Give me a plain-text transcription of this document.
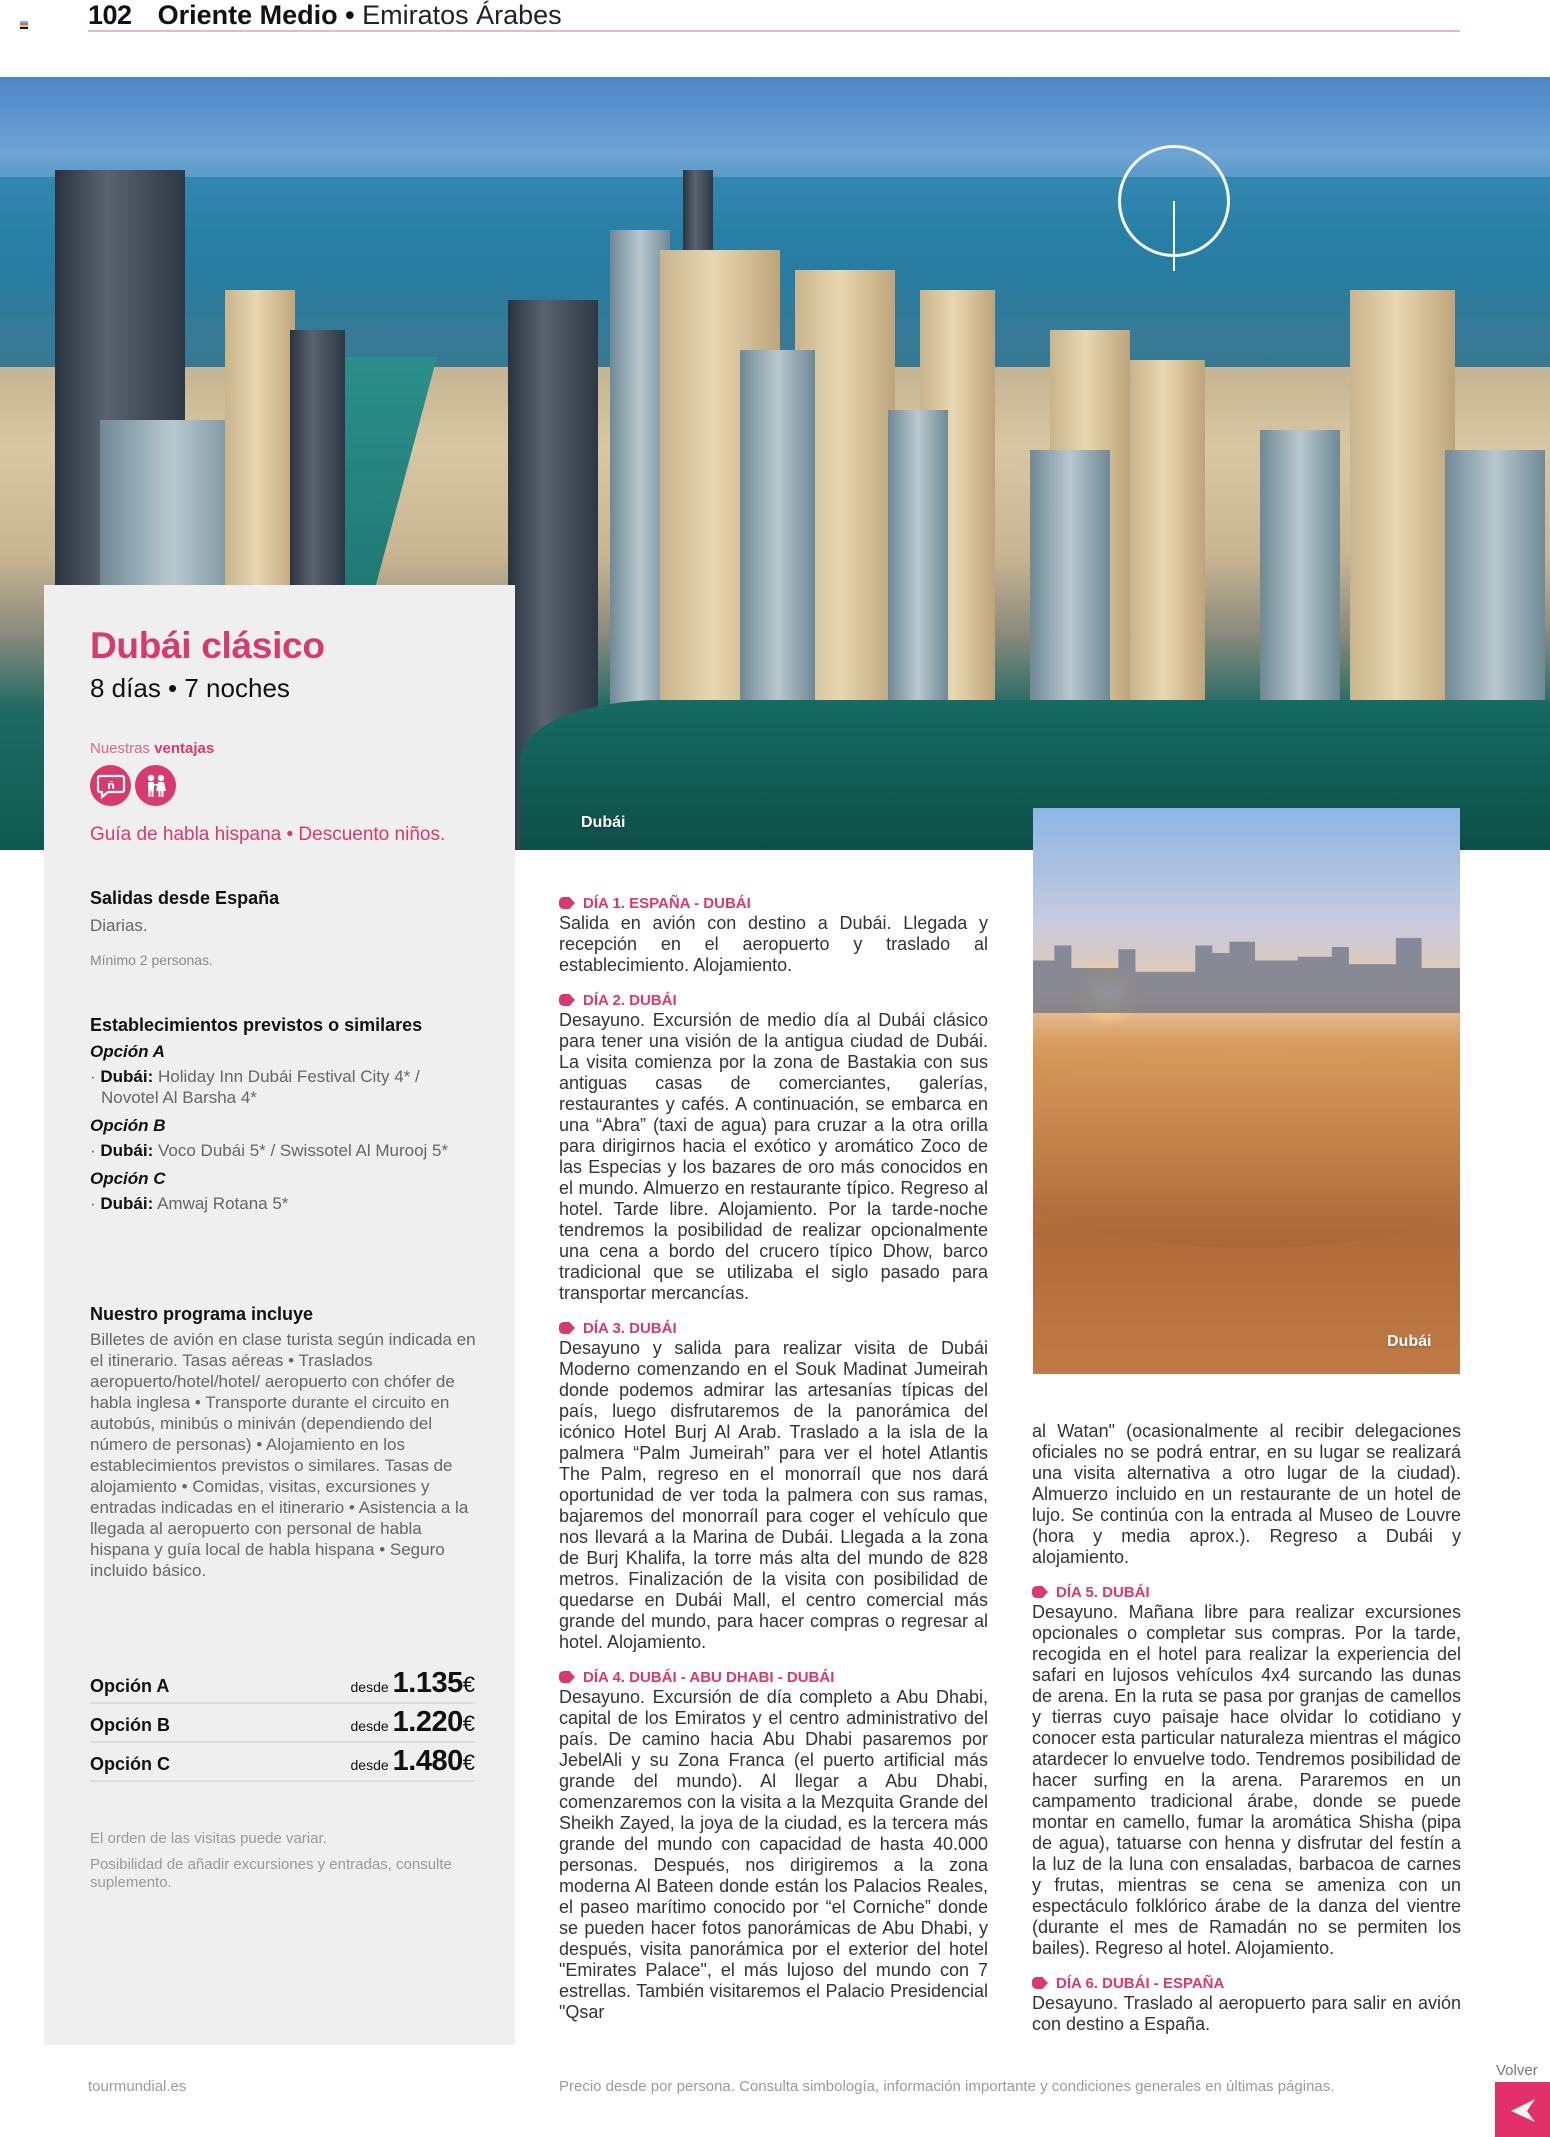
102 Oriente Medio • Emiratos Árabes
Dubái
Dubái clásico
8 días • 7 noches
Nuestras ventajas
ñ
Guía de habla hispana • Descuento niños.
Salidas desde España
Diarias.
Mínimo 2 personas.
Establecimientos previstos o similares
Opción A
· Dubái: Holiday Inn Dubái Festival City 4* / Novotel Al Barsha 4*
Opción B
· Dubái: Voco Dubái 5* / Swissotel Al Murooj 5*
Opción C
· Dubái: Amwaj Rotana 5*
Nuestro programa incluye
Billetes de avión en clase turista según indicada en el itinerario. Tasas aéreas • Traslados aeropuerto/hotel/hotel/ aeropuerto con chófer de habla inglesa • Transporte durante el circuito en autobús, minibús o miniván (dependiendo del número de personas) • Alojamiento en los establecimientos previstos o similares. Tasas de alojamiento • Comidas, visitas, excursiones y entradas indicadas en el itinerario • Asistencia a la llegada al aeropuerto con personal de habla hispana y guía local de habla hispana • Seguro incluido básico.
Opción A	desde 1.135€
Opción B	desde 1.220€
Opción C	desde 1.480€

El orden de las visitas puede variar.

Posibilidad de añadir excursiones y entradas, consulte suplemento.

DÍA 1. ESPAÑA - DUBÁI
Salida en avión con destino a Dubái. Llegada y recepción en el aeropuerto y traslado al establecimiento. Alojamiento.
DÍA 2. DUBÁI
Desayuno. Excursión de medio día al Dubái clásico para tener una visión de la antigua ciudad de Dubái. La visita comienza por la zona de Bastakia con sus antiguas casas de comerciantes, galerías, restaurantes y cafés. A continuación, se embarca en una “Abra” (taxi de agua) para cruzar a la otra orilla para dirigirnos hacia el exótico y aromático Zoco de las Especias y los bazares de oro más conocidos en el mundo. Almuerzo en restaurante típico. Regreso al hotel. Tarde libre. Alojamiento. Por la tarde-noche tendremos la posibilidad de realizar opcionalmente una cena a bordo del crucero típico Dhow, barco tradicional que se utilizaba el siglo pasado para transportar mercancías.
DÍA 3. DUBÁI
Desayuno y salida para realizar visita de Dubái Moderno comenzando en el Souk Madinat Jumeirah donde podemos admirar las artesanías típicas del país, luego disfrutaremos de la panorámica del icónico Hotel Burj Al Arab. Traslado a la isla de la palmera “Palm Jumeirah” para ver el hotel Atlantis The Palm, regreso en el monorraíl que nos dará oportunidad de ver toda la palmera con sus ramas, bajaremos del monorraíl para coger el vehículo que nos llevará a la Marina de Dubái. Llegada a la zona de Burj Khalifa, la torre más alta del mundo de 828 metros. Finalización de la visita con posibilidad de quedarse en Dubái Mall, el centro comercial más grande del mundo, para hacer compras o regresar al hotel. Alojamiento.
DÍA 4. DUBÁI - ABU DHABI - DUBÁI
Desayuno. Excursión de día completo a Abu Dhabi, capital de los Emiratos y el centro administrativo del país. De camino hacia Abu Dhabi pasaremos por JebelAli y su Zona Franca (el puerto artificial más grande del mundo). Al llegar a Abu Dhabi, comenzaremos con la visita a la Mezquita Grande del Sheikh Zayed, la joya de la ciudad, es la tercera más grande del mundo con capacidad de hasta 40.000 personas. Después, nos dirigiremos a la zona moderna Al Bateen donde están los Palacios Reales, el paseo marítimo conocido por “el Corniche” donde se pueden hacer fotos panorámicas de Abu Dhabi, y después, visita panorámica por el exterior del hotel "Emirates Palace", el más lujoso del mundo con 7 estrellas. También visitaremos el Palacio Presidencial "Qsar
Dubái
al Watan" (ocasionalmente al recibir delegaciones oficiales no se podrá entrar, en su lugar se realizará una visita alternativa a otro lugar de la ciudad). Almuerzo incluido en un restaurante de un hotel de lujo. Se continúa con la entrada al Museo de Louvre (hora y media aprox.). Regreso a Dubái y alojamiento.
DÍA 5. DUBÁI
Desayuno. Mañana libre para realizar excursiones opcionales o completar sus compras. Por la tarde, recogida en el hotel para realizar la experiencia del safari en lujosos vehículos 4x4 surcando las dunas de arena. En la ruta se pasa por granjas de camellos y tierras cuyo paisaje hace olvidar lo cotidiano y conocer esta particular naturaleza mientras el mágico atardecer lo envuelve todo. Tendremos posibilidad de hacer surfing en la arena. Pararemos en un campamento tradicional árabe, donde se puede montar en camello, fumar la aromática Shisha (pipa de agua), tatuarse con henna y disfrutar del festín a la luz de la luna con ensaladas, barbacoa de carnes y frutas, mientras se cena se ameniza con un espectáculo folklórico árabe de la danza del vientre (durante el mes de Ramadán no se permiten los bailes). Regreso al hotel. Alojamiento.
DÍA 6. DUBÁI - ESPAÑA
Desayuno. Traslado al aeropuerto para salir en avión con destino a España.
tourmundial.es	Precio desde por persona. Consulta simbología, información importante y condiciones generales en últimas páginas.
Volver
